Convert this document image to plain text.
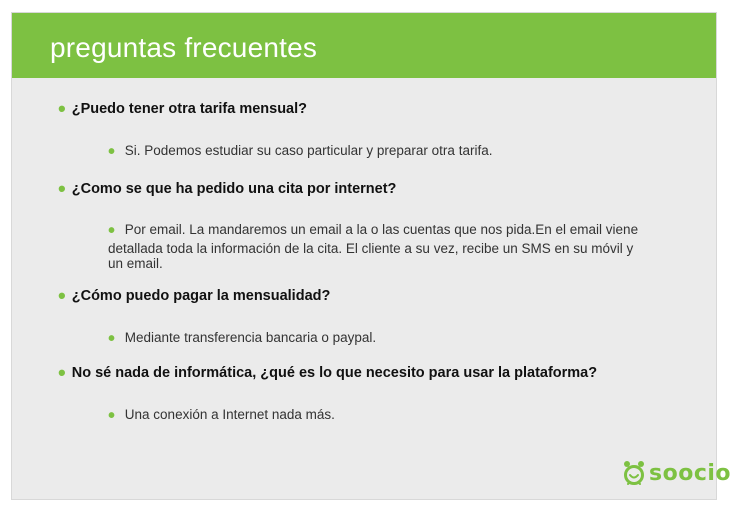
preguntas frecuentes
• ¿Puedo tener otra tarifa mensual?
• Si. Podemos estudiar su caso particular y preparar otra tarifa.
• ¿Como se que ha pedido una cita por internet?
• Por email. La mandaremos un email a la o las cuentas que nos pida.En el email viene detallada toda la información de la cita. El cliente a su vez, recibe un SMS en su móvil y un email.
• ¿Cómo puedo pagar la mensualidad?
• Mediante transferencia bancaria o paypal.
• No sé nada de informática, ¿qué es lo que necesito para usar la plataforma?
• Una conexión a Internet nada más.
soocio
